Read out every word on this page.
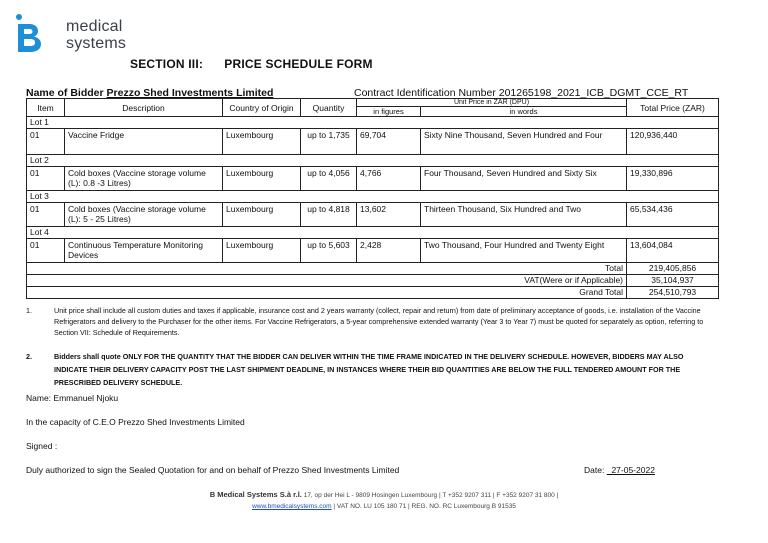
medical
systems
SECTION III:      PRICE SCHEDULE FORM
Name of Bidder Prezzo Shed Investments Limited	Contract Identification Number 201265198_2021_ICB_DGMT_CCE_RT
Item	Description	Country of Origin	Quantity	Unit Price in ZAR (DPU)		Total Price (ZAR)
				in figures	in words	
Lot 1						
01	Vaccine Fridge	Luxembourg	up to 1,735	69,704	Sixty Nine Thousand, Seven Hundred and Four	120,936,440
Lot 2						
01	Cold boxes (Vaccine storage volume (L): 0.8 -3 Litres)	Luxembourg	up to 4,056	4,766	Four Thousand, Seven Hundred and Sixty Six	19,330,896
Lot 3						
01	Cold boxes (Vaccine storage volume (L): 5 - 25 Litres)	Luxembourg	up to 4,818	13,602	Thirteen Thousand, Six Hundred and Two	65,534,436
Lot 4						
01	Continuous Temperature Monitoring Devices	Luxembourg	up to 5,603	2,428	Two Thousand, Four Hundred and Twenty Eight	13,604,084
Total						219,405,856
VAT(Were or if Applicable)						35,104,937
Grand Total						254,510,793
1.	Unit price shall include all custom duties and taxes if applicable, insurance cost and 2 years warranty (collect, repair and return) from date of preliminary acceptance of goods, i.e. installation of the Vaccine Refrigerators and delivery to the Purchaser for the other items. For Vaccine Refrigerators, a 5-year comprehensive extended warranty (Year 3 to Year 7) must be quoted for separately as option, referring to Section VII: Schedule of Requirements.
2.	Bidders shall quote ONLY FOR THE QUANTITY THAT THE BIDDER CAN DELIVER WITHIN THE TIME FRAME INDICATED IN THE DELIVERY SCHEDULE. HOWEVER, BIDDERS MAY ALSO INDICATE THEIR DELIVERY CAPACITY POST THE LAST SHIPMENT DEADLINE, IN INSTANCES WHERE THEIR BID QUANTITIES ARE BELOW THE FULL TENDERED AMOUNT FOR THE PRESCRIBED DELIVERY SCHEDULE.
Name: Emmanuel Njoku
In the capacity of C.E.O Prezzo Shed Investments Limited
Signed :
Duly authorized to sign the Sealed Quotation for and on behalf of Prezzo Shed Investments Limited	Date: 27-05-2022
B Medical Systems S.à r.l. 17, op der Hei L - 9809 Hosingen Luxembourg | T +352 9207 311 | F +352 9207 31 800 |
www.bmedicalsystems.com | VAT NO. LU 105 180 71 | REG. NO. RC Luxembourg B 91535
